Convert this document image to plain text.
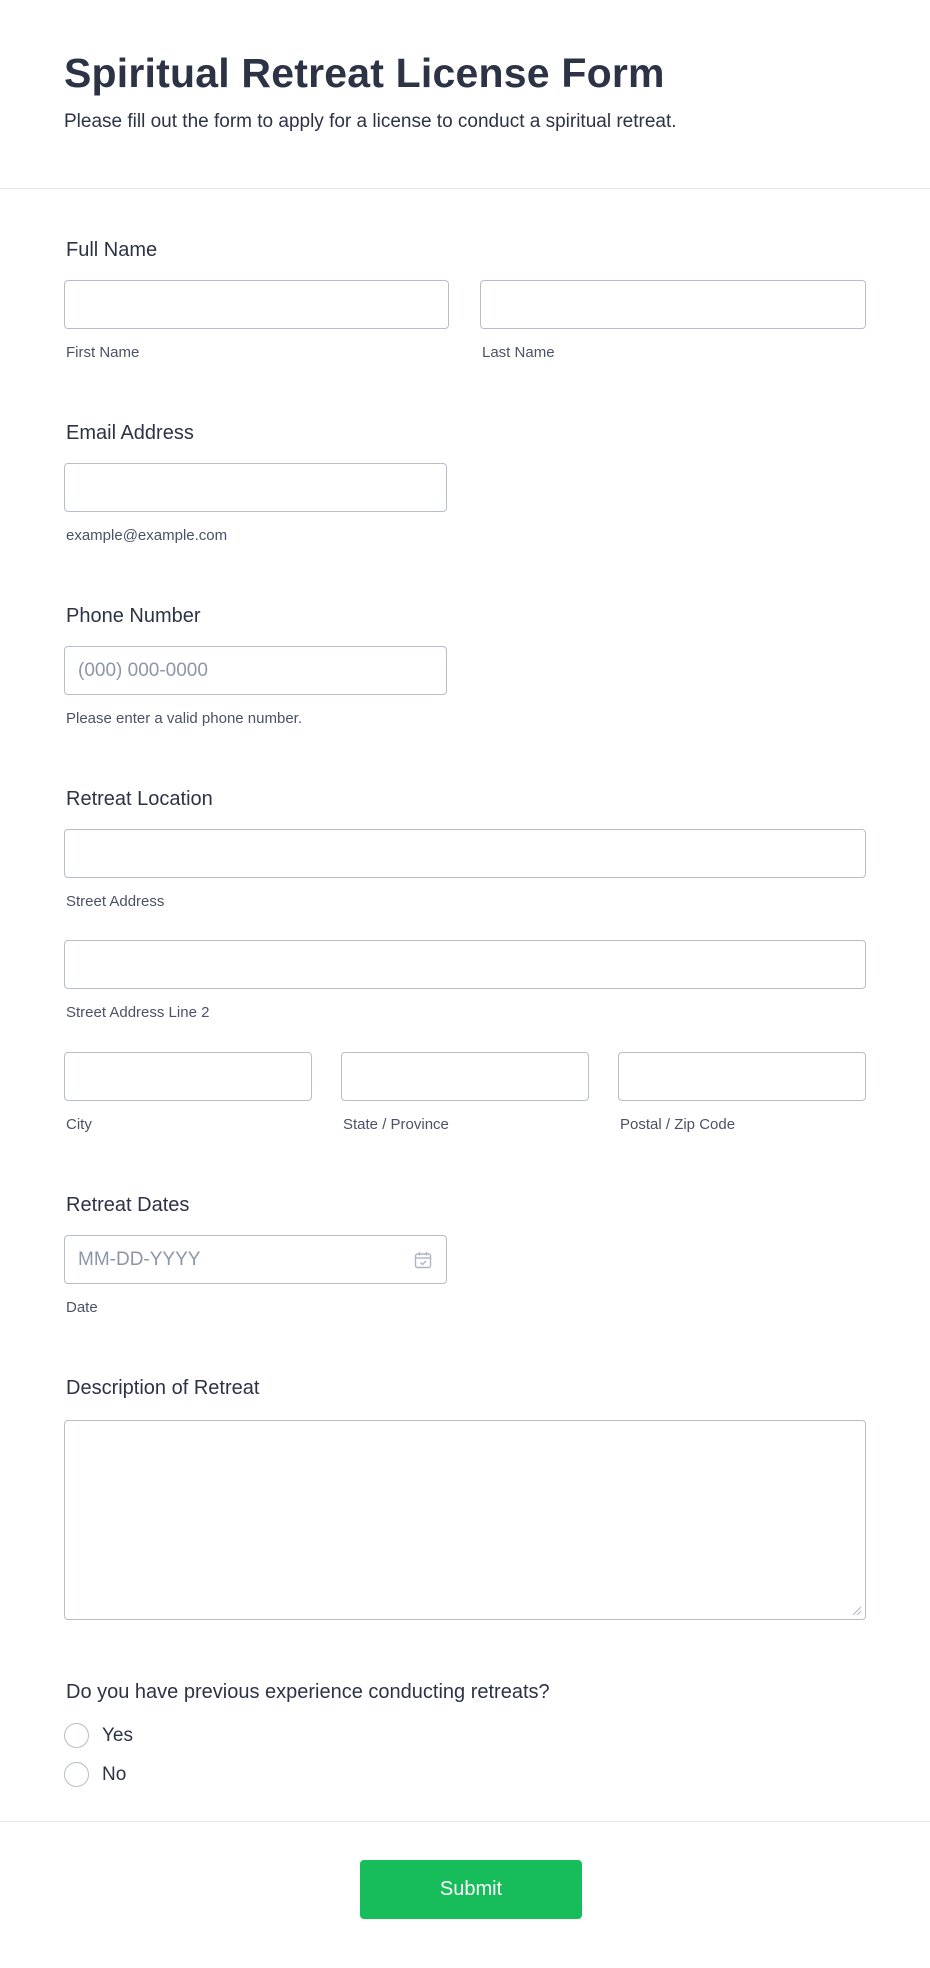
Spiritual Retreat License Form

Please fill out the form to apply for a license to conduct a spiritual retreat.

Full Name
First Name	Last Name
Email Address
example@example.com
Phone Number
(000) 000-0000
Please enter a valid phone number.
Retreat Location
Street Address
Street Address Line 2
City	State / Province	Postal / Zip Code
Retreat Dates
MM-DD-YYYY
Date
Description of Retreat
Do you have previous experience conducting retreats?
Yes
No
Submit
